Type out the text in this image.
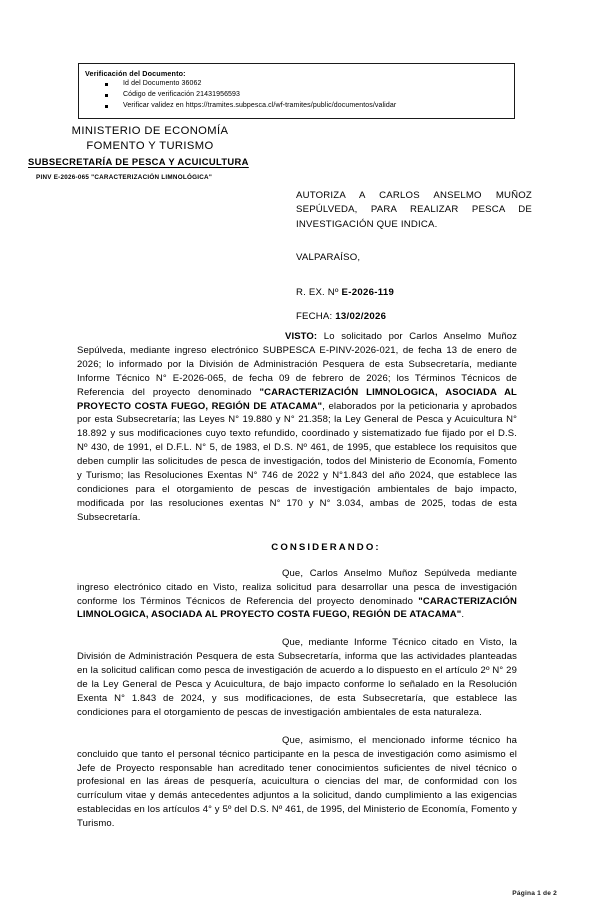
Verificación del Documento:
Id del Documento 36062
Código de verificación 21431956593
Verificar validez en https://tramites.subpesca.cl/wf-tramites/public/documentos/validar
MINISTERIO DE ECONOMÍA
FOMENTO Y TURISMO
SUBSECRETARÍA DE PESCA Y ACUICULTURA
PINV E-2026-065 "CARACTERIZACIÓN LIMNOLÓGICA"
AUTORIZA A CARLOS ANSELMO MUÑOZ SEPÚLVEDA, PARA REALIZAR PESCA DE INVESTIGACIÓN QUE INDICA.
VALPARAÍSO,
R. EX. Nº E-2026-119
FECHA: 13/02/2026

VISTO: Lo solicitado por Carlos Anselmo Muñoz Sepúlveda, mediante ingreso electrónico SUBPESCA E-PINV-2026-021, de fecha 13 de enero de 2026; lo informado por la División de Administración Pesquera de esta Subsecretaría, mediante Informe Técnico N° E-2026-065, de fecha 09 de febrero de 2026; los Términos Técnicos de Referencia del proyecto denominado "CARACTERIZACIÓN LIMNOLOGICA, ASOCIADA AL PROYECTO COSTA FUEGO, REGIÓN DE ATACAMA", elaborados por la peticionaria y aprobados por esta Subsecretaría; las Leyes N° 19.880 y N° 21.358; la Ley General de Pesca y Acuicultura N° 18.892 y sus modificaciones cuyo texto refundido, coordinado y sistematizado fue fijado por el D.S. Nº 430, de 1991, el D.F.L. N° 5, de 1983, el D.S. Nº 461, de 1995, que establece los requisitos que deben cumplir las solicitudes de pesca de investigación, todos del Ministerio de Economía, Fomento y Turismo; las Resoluciones Exentas N° 746 de 2022 y N°1.843 del año 2024, que establece las condiciones para el otorgamiento de pescas de investigación ambientales de bajo impacto, modificada por las resoluciones exentas N° 170 y N° 3.034, ambas de 2025, todas de esta Subsecretaría.

CONSIDERANDO:

Que, Carlos Anselmo Muñoz Sepúlveda mediante ingreso electrónico citado en Visto, realiza solicitud para desarrollar una pesca de investigación conforme los Términos Técnicos de Referencia del proyecto denominado "CARACTERIZACIÓN LIMNOLOGICA, ASOCIADA AL PROYECTO COSTA FUEGO, REGIÓN DE ATACAMA".

Que, mediante Informe Técnico citado en Visto, la División de Administración Pesquera de esta Subsecretaría, informa que las actividades planteadas en la solicitud califican como pesca de investigación de acuerdo a lo dispuesto en el artículo 2º N° 29 de la Ley General de Pesca y Acuicultura, de bajo impacto conforme lo señalado en la Resolución Exenta N° 1.843 de 2024, y sus modificaciones, de esta Subsecretaría, que establece las condiciones para el otorgamiento de pescas de investigación ambientales de esta naturaleza.

Que, asimismo, el mencionado informe técnico ha concluido que tanto el personal técnico participante en la pesca de investigación como asimismo el Jefe de Proyecto responsable han acreditado tener conocimientos suficientes de nivel técnico o profesional en las áreas de pesquería, acuicultura o ciencias del mar, de conformidad con los currículum vitae y demás antecedentes adjuntos a la solicitud, dando cumplimiento a las exigencias establecidas en los artículos 4° y 5º del D.S. Nº 461, de 1995, del Ministerio de Economía, Fomento y Turismo.

Página 1 de 2
